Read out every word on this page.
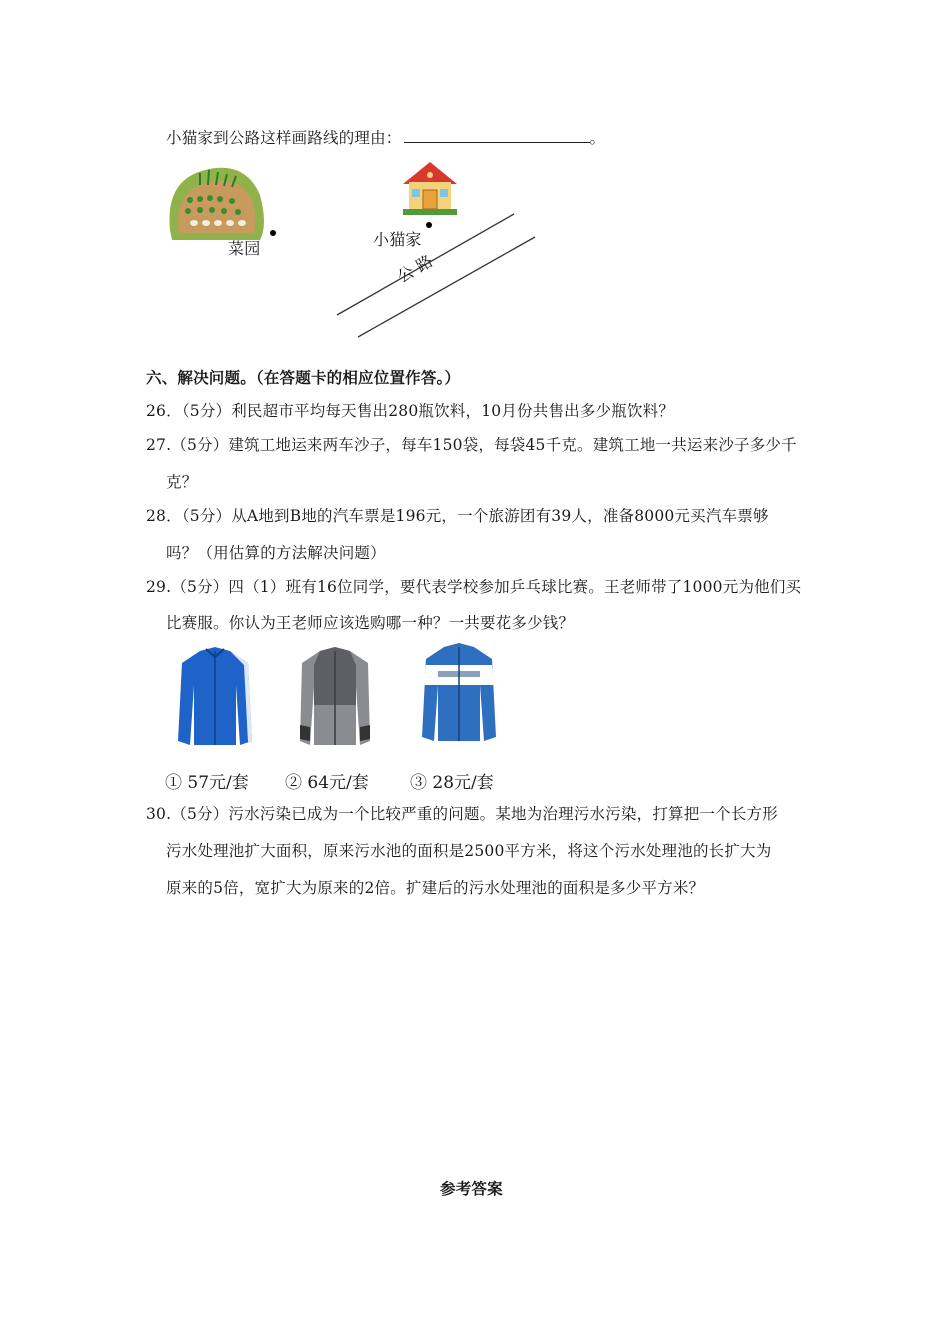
小猫家到公路这样画路线的理由：	。
菜园	小猫家
公 路
六、解决问题。（在答题卡的相应位置作答。）
26．（5分）利民超市平均每天售出280瓶饮料，10月份共售出多少瓶饮料？
27.（5分）建筑工地运来两车沙子，每车150袋，每袋45千克。建筑工地一共运来沙子多少千
克？
28．（5分）从A地到B地的汽车票是196元，一个旅游团有39人，准备8000元买汽车票够
吗？（用估算的方法解决问题）
29.（5分）四（1）班有16位同学，要代表学校参加乒乓球比赛。王老师带了1000元为他们买
比赛服。你认为王老师应该选购哪一种？一共要花多少钱？
① 57元/套 ② 64元/套 ③ 28元/套
30.（5分）污水污染已成为一个比较严重的问题。某地为治理污水污染，打算把一个长方形
污水处理池扩大面积，原来污水池的面积是2500平方米，将这个污水处理池的长扩大为
原来的5倍，宽扩大为原来的2倍。扩建后的污水处理池的面积是多少平方米？
参考答案
